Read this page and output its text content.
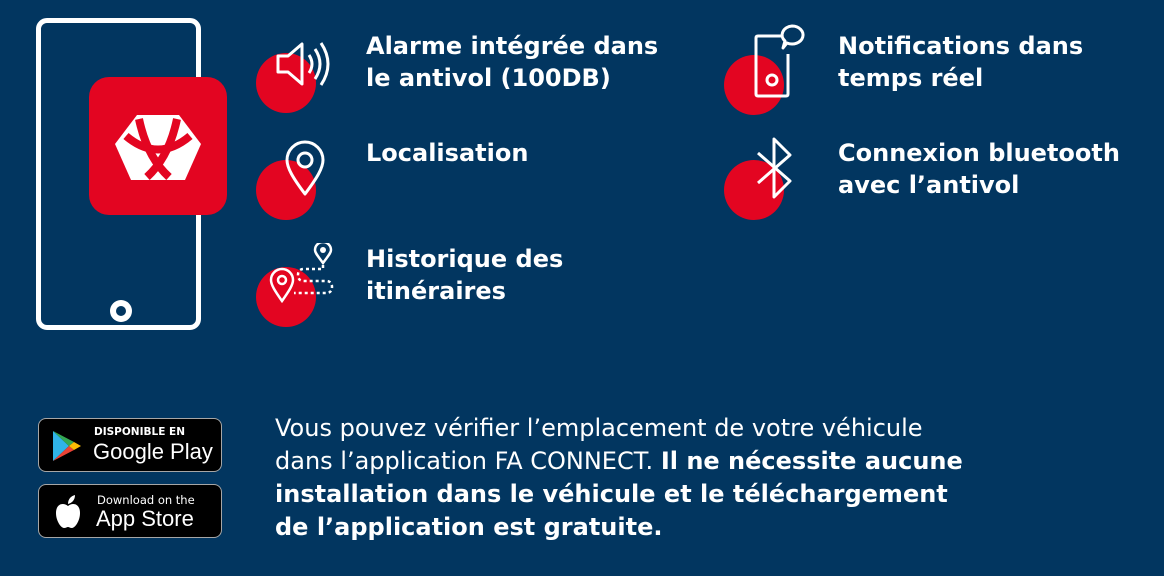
Alarme intégrée dans
le antivol (100DB)
Localisation
Historique des
itinéraires
Notifications dans
temps réel
Connexion bluetooth
avec l’antivol
DISPONIBLE EN
Google Play
Download on the
App Store
Vous pouvez vérifier l’emplacement de votre véhicule dans l’application FA CONNECT. Il ne nécessite aucune installation dans le véhicule et le téléchargement de l’application est gratuite.
